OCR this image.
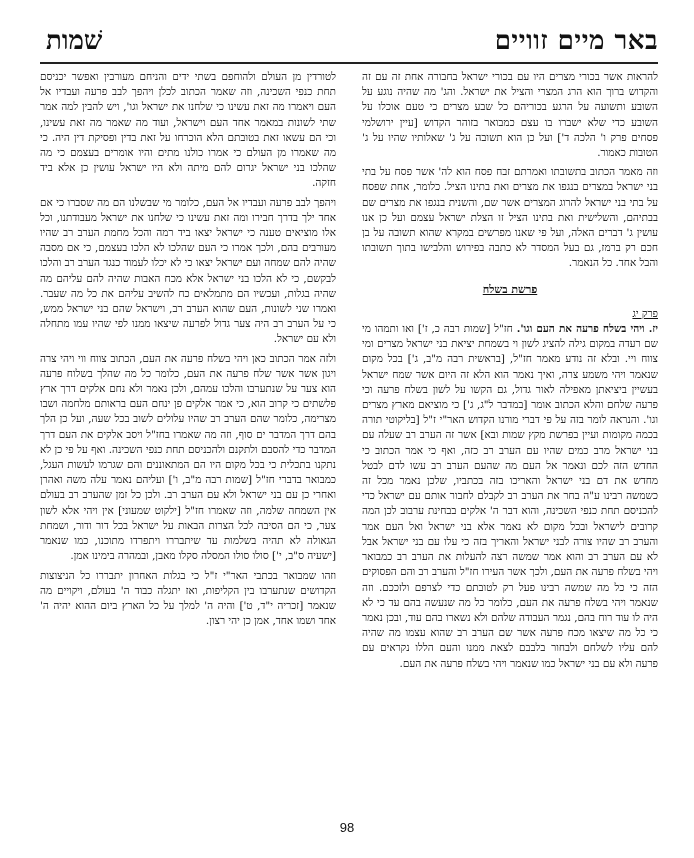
באר מיים זוויים
שׁמות

להראות אשר בכורי מצרים היו עם בכורי ישראל בחבורה אחת זה עם זה והקדוש ברוך הוא הרג המצרי והציל את ישראל. והג' מה שהיה נוגע על השובע ותשועה על הרגע בכוריהם כל שבע מצרים כי טעם אוכלו על השובע כדי שלא ישברו בו עצם כמבואר בזוהר הקדוש [עיין ירושלמי פסחים פרק ו' הלכה ד'] ועל כן הוא תשובה על ג' שאלותיו שהיו על ג' הטובות כאמור.

וזה מאמר הכתוב בתשובתו ואמרתם זבח פסח הוא לה' אשר פסח על בתי בני ישראל במצרים בנגפו את מצרים ואת בתינו הציל. כלומר, אחת שפסח על בתי בני ישראל להרוג המצרים אשר שם, והשנית בנגפו את מצרים שם בבתיהם, והשלישית ואת בתינו הציל זו הצלת ישראל עצמם ועל כן אנו עושין ג' דברים האלה, ועל פי שאנו מפרשים במקרא שהוא תשובה על בן חכם רק ברמז, גם בעל המסדר לא כתבה בפירוש והלבישו בתוך תשובתו והבל אחד. כל הנאמר.

פרשת בשלח

פרק יג

יז. ויהי בשלח פרעה את העם וגו'. חז"ל [שמות רבה כ, ז'] ואו ותמהו מי שם רעדה במקום גילה להציג לשון וי בשמחת יציאת בני ישראל מצרים ומי צווח ויי. ובלא זה נודע מאמר חז"ל, [בראשית רבה מ"ב, ג'] בכל מקום שנאמר ויהי משמע צרה, ואיך נאמר הוא הלא זה היום אשר שמח ישראל בעשיין ביציאתן מאפילה לאור גדול, גם הקשו על לשון בשלח פרעה וכי פרעה שלחם והלא הכתוב אומר [במדבר ל"ג, ג'] כי מוציאם מארץ מצרים וגו'. והנראה לומר בזה על פי דברי מורנו הקדוש האר"י ז"ל [בליקוטי תורה בכמה מקומות ועיין בפרשת מקץ שמות ובא] אשר זה הערב רב שעלה עם בני ישראל מרב כמים שהיו עם הערב רב כזה, ואף כי אמר הכתוב כי החדש הזה לכם ונאמר אל העם מה שהעם הערב רב עשו לדם לבטל מחדש את דם בני ישראל והאריכו בזה בכתביו, שלכן נאמר מכל זה כשמשה רבינו ע"ה בחר את הערב רב לקבלם לחבור אותם עם ישראל כדי להכניסם תחת כנפי השכינה, והוא דבר ה' אלקים בבחינת ערבוב לכן המה קרובים לישראל ובכל מקום לא נאמר אלא בני ישראל ואל העם אמר והערב רב שהיו צורה לבני ישראל והאריך בזה כי עלו עם בני ישראל אבל לא עם הערב רב והוא אמר שמשה רצה להעלות את הערב רב כמבואר ויהי בשלח פרעה את העם, ולכך אשר העירו חז"ל והערב רב והם הפסוקים הזה כי כל מה שמשה רבינו פעל רק לטובתם כדי לצרפם ולזככם. וזה שנאמר ויהי בשלח פרעה את העם, כלומר כל מה שנעשה בהם עד כי לא היה לו עוד רוח בהם, נגמר העבודה שלהם ולא נשארו בהם עוד, ובכן נאמר כי כל מה שיצאו מכח פרעה אשר שם הערב רב שהוא עצמו מה שהיה להם עליו לשלחם ולבחור בלבבם לצאת ממנו והעם הללו נקראים עם פרעה ולא עם בני ישראל כמו שנאמר ויהי בשלח פרעה את העם.

לטורדין מן העולם ולהוחפם בשתי ידים והניחם מעורבין ואפשר יכניסם תחת כנפי השכינה, וזה שאמר הכתוב לכלן ויהפך לבב פרעה ועבדיו אל העם ויאמרו מה זאת עשינו כי שלחנו את ישראל וגו', ויש להבין למה אמר שתי לשונות במאמר אחד העם וישראל, ועוד מה שאמר מה זאת עשינו, וכי הם עשאו זאת בטובתם הלא הוכרחו על זאת בדין ופסיקת דין היה. כי מה שאמרו מן העולם כי אמרו כולנו מתים והיו אומרים בעצמם כי מה שהלכו בני ישראל יגרום להם מיתה ולא היו ישראל עושין כן אלא ביד חזקה.

ויהפך לבב פרעה ועבדיו אל העם, כלומר מי שבשלנו הם מה שסברו כי אם אחד ילך בדרך חבירו ומה זאת עשינו כי שלחנו את ישראל מעבודתנו, וכל אלו מוציאים טענה כי ישראל יצאו ביד רמה והכל מחמת הערב רב שהיו מעורבים בהם, ולכך אמרו כי העם שהלכו לא הלכו בעצמם, כי אם מסבה שהיה להם שמחה ועם ישראל יצאו כי לא יכלו לעמוד כנגד הערב רב והלכו לבקשם, כי לא הלכו בני ישראל אלא מכח האבות שהיה להם עליהם מה שהיה בגלות, ועכשיו הם מתמלאים כח להשיב עליהם את כל מה שעבר. ואמרו שני לשונות, העם שהוא הערב רב, וישראל שהם בני ישראל ממש, כי על הערב רב היה צער גדול לפרעה שיצאו ממנו לפי שהיו עמו מתחלה ולא עם ישראל.

ולזה אמר הכתוב כאן ויהי בשלח פרעה את העם, הכתוב צווח ווי ויהי צרה ויגון אשר אשר שלח פרעה את העם, כלומר כל מה שהלך בשלוח פרעה הוא צער על שנתערבו והלכו עמהם, ולכן נאמר ולא נחם אלקים דרך ארץ פלשתים כי קרוב הוא, כי אמר אלקים פן ינחם העם בראותם מלחמה ושבו מצרימה, כלומר שהם הערב רב שהיו עלולים לשוב בכל שעה, ועל כן הלך בהם דרך המדבר ים סוף, וזה מה שאמרו בחז"ל ויסב אלקים את העם דרך המדבר כדי להסבם ולתקנם ולהכניסם תחת כנפי השכינה. ואף על פי כן לא נתקנו בתכלית כי בכל מקום היו הם המתאוננים והם שגרמו לעשות העגל, כמבואר בדברי חז"ל [שמות רבה מ"ב, ו'] ועליהם נאמר עלה משה ואהרן ואחרי כן עם בני ישראל ולא עם הערב רב. ולכן כל זמן שהערב רב בעולם אין השמחה שלמה, וזה שאמרו חז"ל [ילקוט שמעוני] אין ויהי אלא לשון צער, כי הם הסיבה לכל הצרות הבאות על ישראל בכל דור ודור, ושמחת הגאולה לא תהיה בשלמות עד שיתבררו ויתפרדו מתוכנו, כמו שנאמר [ישעיה ס"ב, י'] סולו סולו המסלה סקלו מאבן, ובמהרה בימינו אמן.

וזהו שמבואר בכתבי האר"י ז"ל כי בגלות האחרון יתבררו כל הניצוצות הקדושים שנתערבו בין הקליפות, ואז יתגלה כבוד ה' בעולם, ויקויים מה שנאמר [זכריה י"ד, ט'] והיה ה' למלך על כל הארץ ביום ההוא יהיה ה' אחד ושמו אחד, אמן כן יהי רצון.

98
